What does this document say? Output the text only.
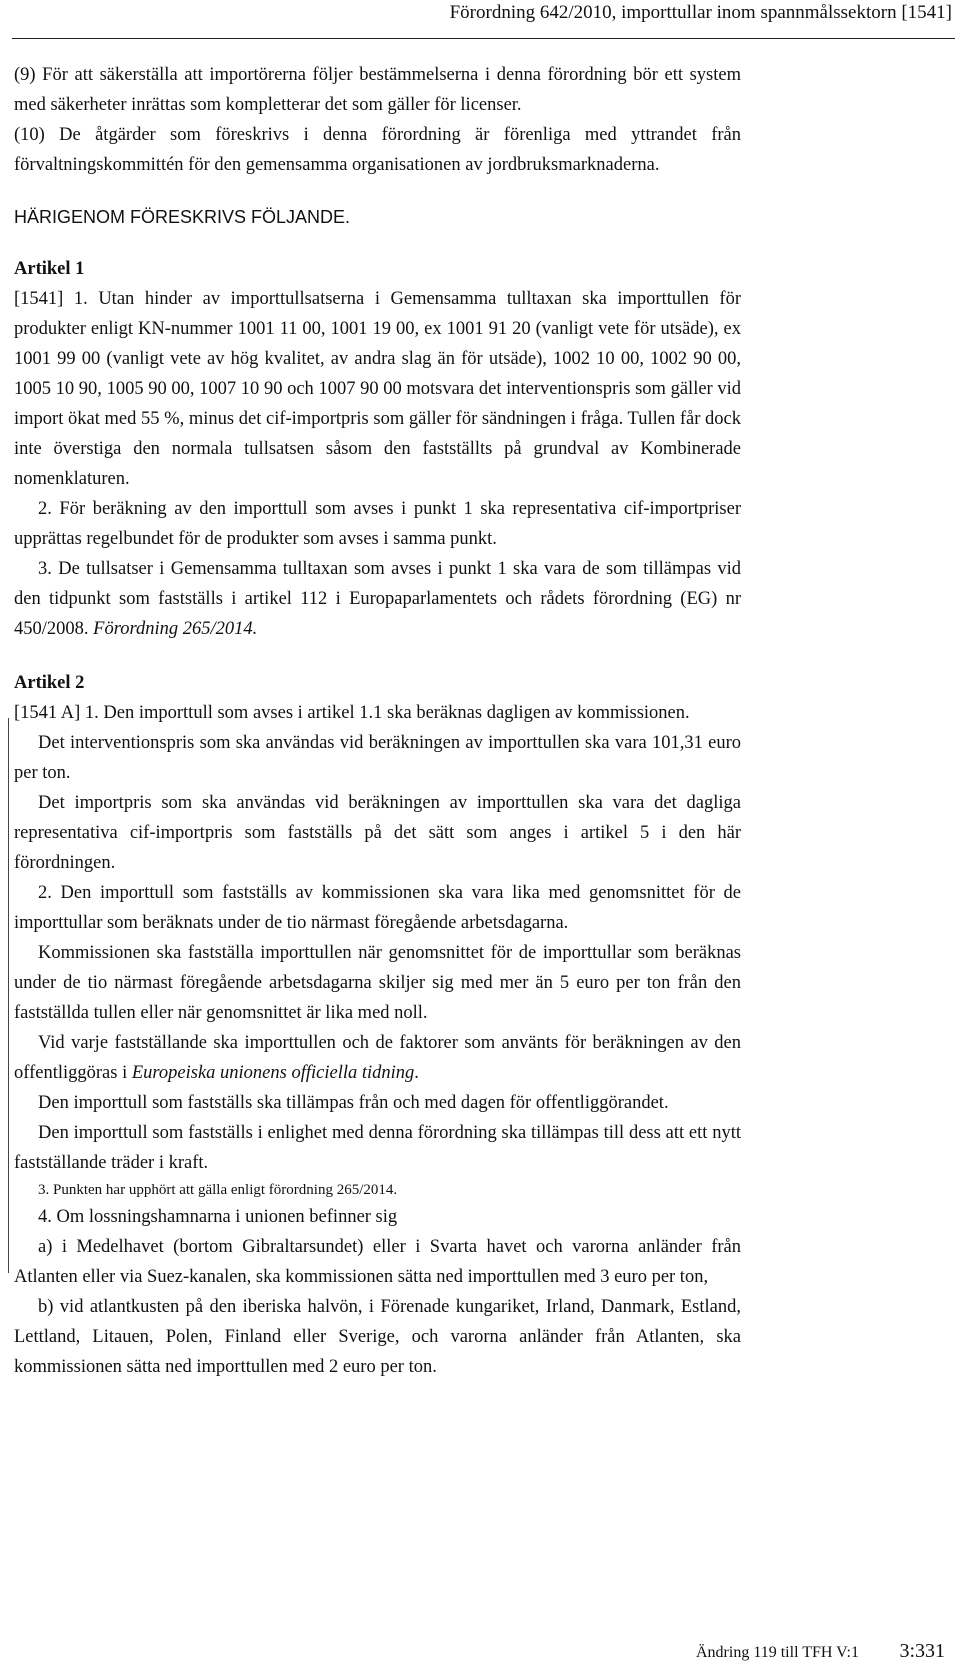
Förordning 642/2010, importtullar inom spannmålssektorn [1541]

(9) För att säkerställa att importörerna följer bestämmelserna i denna förordning bör ett system med säkerheter inrättas som kompletterar det som gäller för licenser.

(10) De åtgärder som föreskrivs i denna förordning är förenliga med yttrandet från förvaltningskommittén för den gemensamma organisationen av jordbruksmarknaderna.

HÄRIGENOM FÖRESKRIVS FÖLJANDE.

Artikel 1

[1541] 1. Utan hinder av importtullsatserna i Gemensamma tulltaxan ska importtullen för produkter enligt KN-nummer 1001 11 00, 1001 19 00, ex 1001 91 20 (vanligt vete för utsäde), ex 1001 99 00 (vanligt vete av hög kvalitet, av andra slag än för utsäde), 1002 10 00, 1002 90 00, 1005 10 90, 1005 90 00, 1007 10 90 och 1007 90 00 motsvara det interventionspris som gäller vid import ökat med 55 %, minus det cif-importpris som gäller för sändningen i fråga. Tullen får dock inte överstiga den normala tullsatsen såsom den fastställts på grundval av Kombinerade nomenklaturen.

2. För beräkning av den importtull som avses i punkt 1 ska representativa cif-importpriser upprättas regelbundet för de produkter som avses i samma punkt.

3. De tullsatser i Gemensamma tulltaxan som avses i punkt 1 ska vara de som tillämpas vid den tidpunkt som fastställs i artikel 112 i Europaparlamentets och rådets förordning (EG) nr 450/2008. Förordning 265/2014.

Artikel 2

[1541 A] 1. Den importtull som avses i artikel 1.1 ska beräknas dagligen av kommissionen.

Det interventionspris som ska användas vid beräkningen av importtullen ska vara 101,31 euro per ton.

Det importpris som ska användas vid beräkningen av importtullen ska vara det dagliga representativa cif-importpris som fastställs på det sätt som anges i artikel 5 i den här förordningen.

2. Den importtull som fastställs av kommissionen ska vara lika med genomsnittet för de importtullar som beräknats under de tio närmast föregående arbetsdagarna.

Kommissionen ska fastställa importtullen när genomsnittet för de importtullar som beräknas under de tio närmast föregående arbetsdagarna skiljer sig med mer än 5 euro per ton från den fastställda tullen eller när genomsnittet är lika med noll.

Vid varje fastställande ska importtullen och de faktorer som använts för beräkningen av den offentliggöras i Europeiska unionens officiella tidning.

Den importtull som fastställs ska tillämpas från och med dagen för offentliggörandet.

Den importtull som fastställs i enlighet med denna förordning ska tillämpas till dess att ett nytt fastställande träder i kraft.

3. Punkten har upphört att gälla enligt förordning 265/2014.

4. Om lossningshamnarna i unionen befinner sig

a) i Medelhavet (bortom Gibraltarsundet) eller i Svarta havet och varorna anländer från Atlanten eller via Suez-kanalen, ska kommissionen sätta ned importtullen med 3 euro per ton,

b) vid atlantkusten på den iberiska halvön, i Förenade kungariket, Irland, Danmark, Estland, Lettland, Litauen, Polen, Finland eller Sverige, och varorna anländer från Atlanten, ska kommissionen sätta ned importtullen med 2 euro per ton.

Ändring 119 till TFH V:1 3:331
